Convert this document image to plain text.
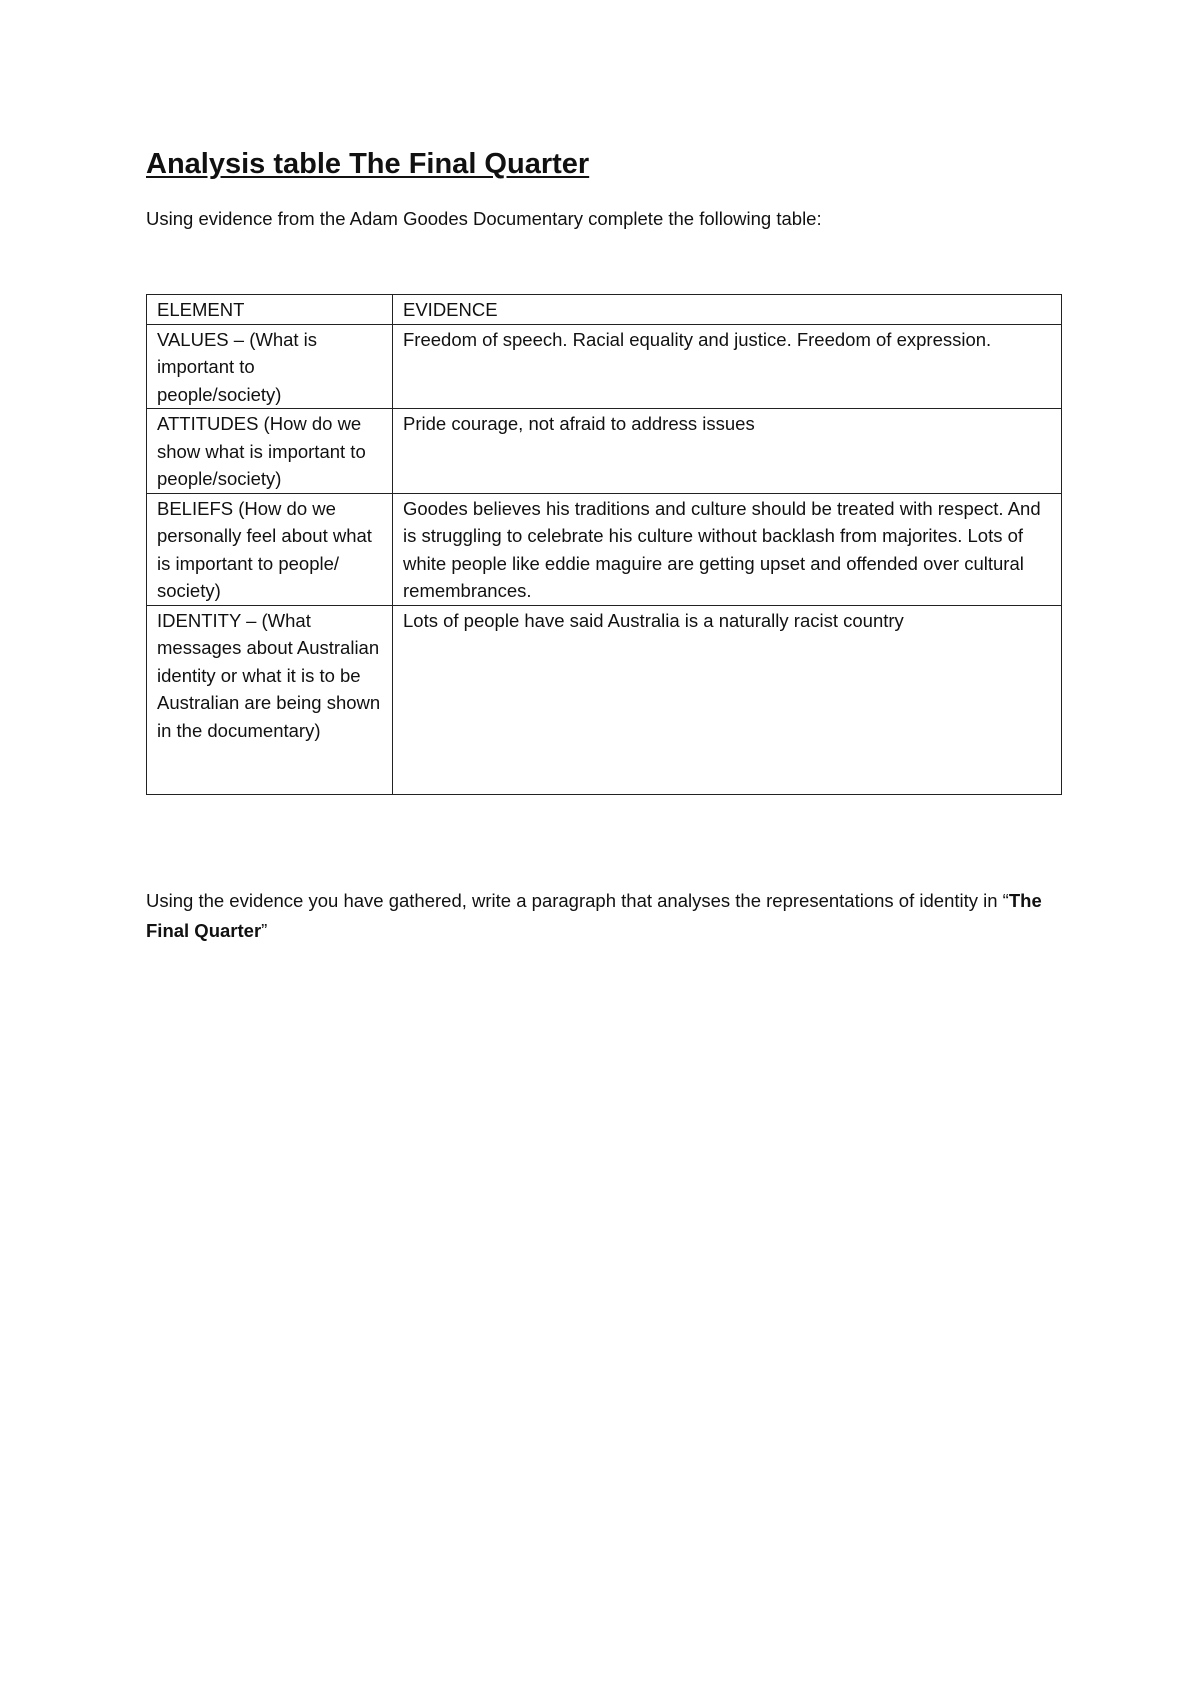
Analysis table The Final Quarter

Using evidence from the Adam Goodes Documentary complete the following table:

ELEMENT	EVIDENCE
VALUES – (What is important to people/society)	Freedom of speech. Racial equality and justice. Freedom of expression.
ATTITUDES (How do we show what is important to people/society)	Pride courage, not afraid to address issues
BELIEFS (How do we personally feel about what is important to people/ society)	Goodes believes his traditions and culture should be treated with respect. And is struggling to celebrate his culture without backlash from majorites. Lots of white people like eddie maguire are getting upset and offended over cultural remembrances.
IDENTITY – (What messages about Australian identity or what it is to be Australian are being shown in the documentary)	Lots of people have said Australia is a naturally racist country

Using the evidence you have gathered, write a paragraph that analyses the representations of identity in “The Final Quarter”
